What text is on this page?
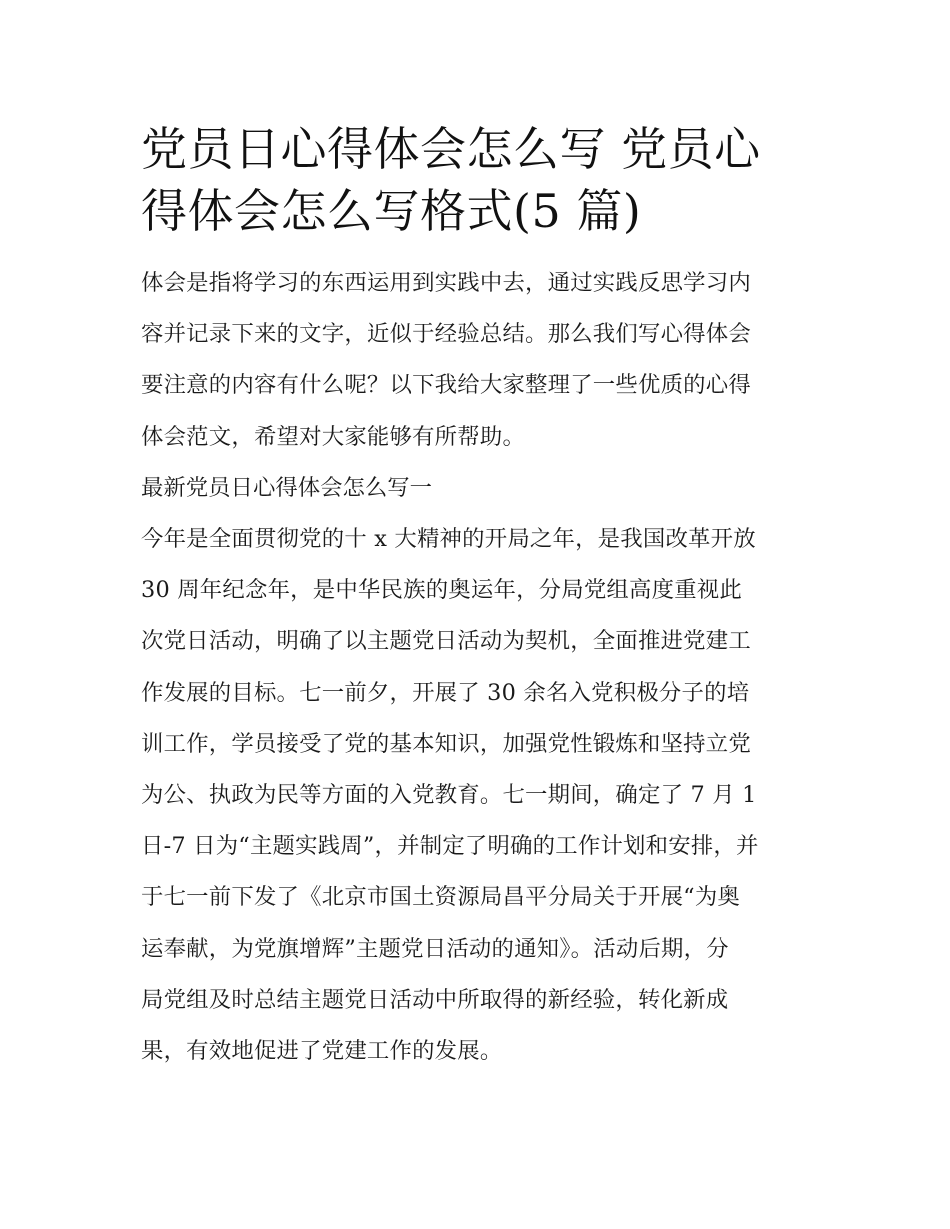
党员日心得体会怎么写 党员心
得体会怎么写格式(5 篇)

体会是指将学习的东西运用到实践中去，通过实践反思学习内
容并记录下来的文字，近似于经验总结。那么我们写心得体会
要注意的内容有什么呢？以下我给大家整理了一些优质的心得
体会范文，希望对大家能够有所帮助。

最新党员日心得体会怎么写一

今年是全面贯彻党的十 x 大精神的开局之年，是我国改革开放
30 周年纪念年，是中华民族的奥运年，分局党组高度重视此
次党日活动，明确了以主题党日活动为契机，全面推进党建工
作发展的目标。七一前夕，开展了 30 余名入党积极分子的培
训工作，学员接受了党的基本知识，加强党性锻炼和坚持立党
为公、执政为民等方面的入党教育。七一期间，确定了 7 月 1
日-7 日为“主题实践周”，并制定了明确的工作计划和安排，并
于七一前下发了《北京市国土资源局昌平分局关于开展“为奥
运奉献，为党旗增辉”主题党日活动的通知》。活动后期，分
局党组及时总结主题党日活动中所取得的新经验，转化新成
果，有效地促进了党建工作的发展。
